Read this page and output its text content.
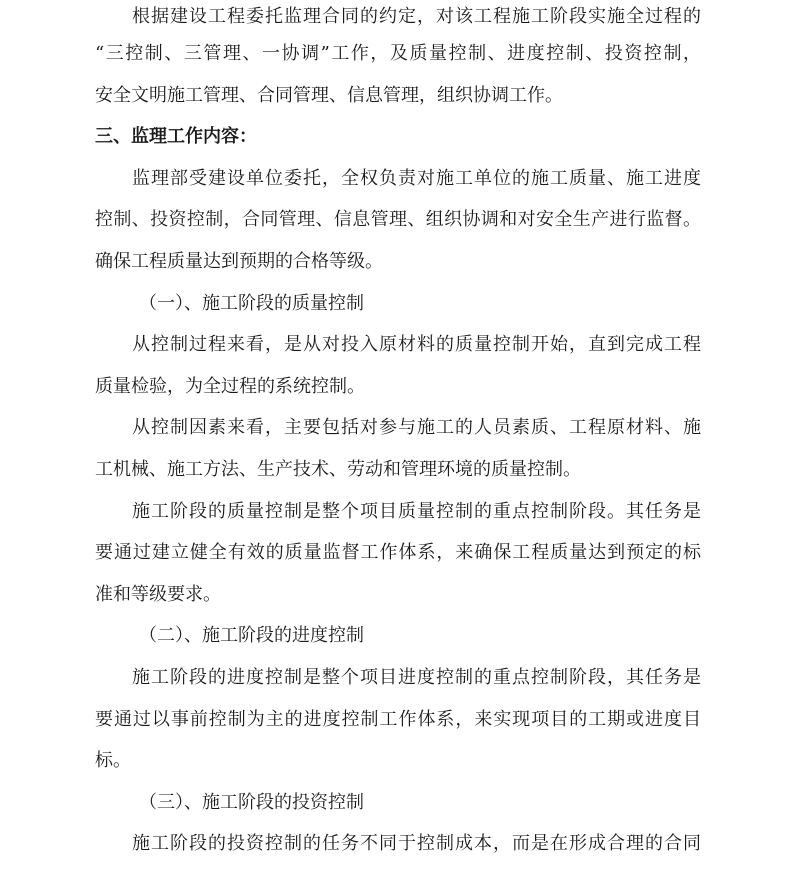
根据建设工程委托监理合同的约定，对该工程施工阶段实施全过程的
“三控制、三管理、一协调”工作，及质量控制、进度控制、投资控制，
安全文明施工管理、合同管理、信息管理，组织协调工作。
三、监理工作内容：
监理部受建设单位委托，全权负责对施工单位的施工质量、施工进度
控制、投资控制，合同管理、信息管理、组织协调和对安全生产进行监督。
确保工程质量达到预期的合格等级。
（一）、施工阶段的质量控制
从控制过程来看，是从对投入原材料的质量控制开始，直到完成工程
质量检验，为全过程的系统控制。
从控制因素来看，主要包括对参与施工的人员素质、工程原材料、施
工机械、施工方法、生产技术、劳动和管理环境的质量控制。
施工阶段的质量控制是整个项目质量控制的重点控制阶段。其任务是
要通过建立健全有效的质量监督工作体系，来确保工程质量达到预定的标
准和等级要求。
（二）、施工阶段的进度控制
施工阶段的进度控制是整个项目进度控制的重点控制阶段，其任务是
要通过以事前控制为主的进度控制工作体系，来实现项目的工期或进度目
标。
（三）、施工阶段的投资控制
施工阶段的投资控制的任务不同于控制成本，而是在形成合理的合同
